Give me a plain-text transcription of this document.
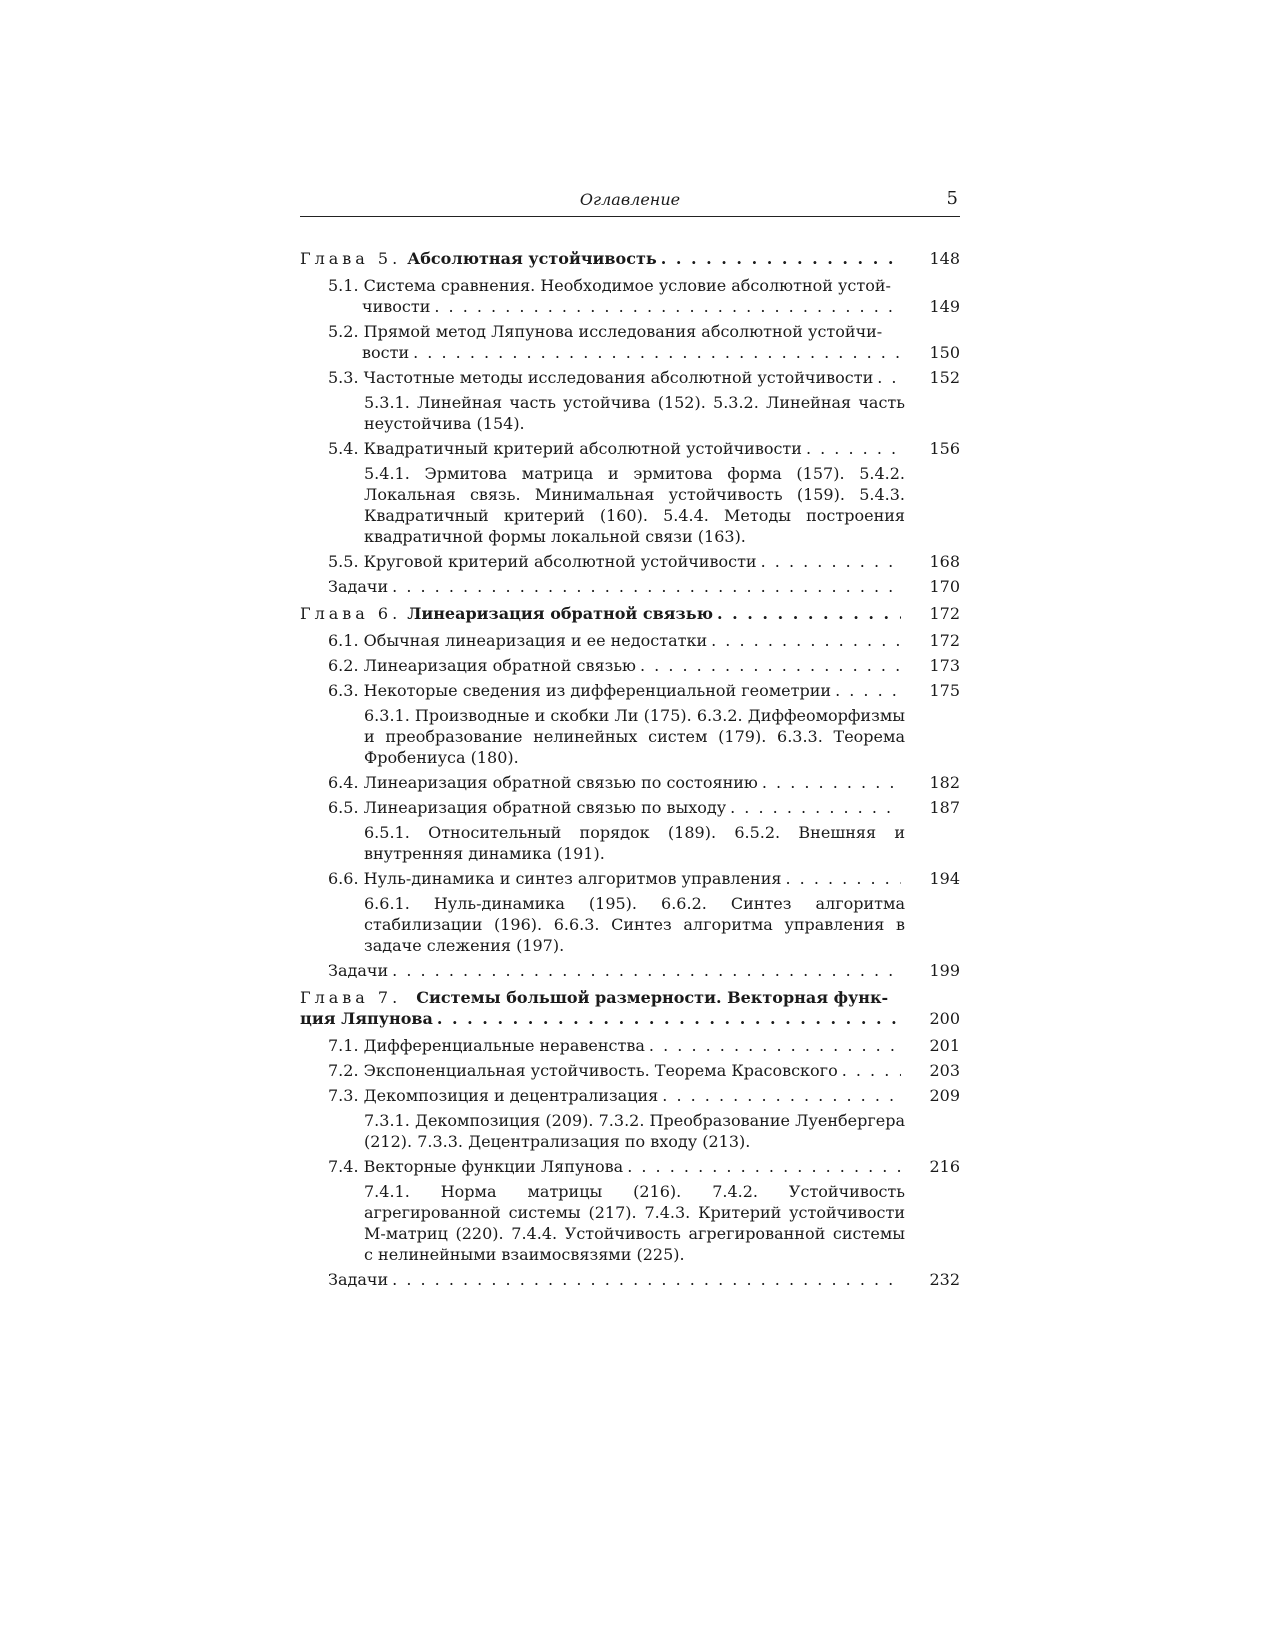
Оглавление	5
Глава 5. Абсолютная устойчивость . . .	148
5.1. Система сравнения. Необходимое условие абсолютной устой-
чивости . . .	149
5.2. Прямой метод Ляпунова исследования абсолютной устойчи-
вости . . .	150
5.3. Частотные методы исследования абсолютной устойчивости . . .	152
5.3.1. Линейная часть устойчива (152). 5.3.2. Линейная часть неустойчива (154).
5.4. Квадратичный критерий абсолютной устойчивости . . .	156
5.4.1. Эрмитова матрица и эрмитова форма (157). 5.4.2. Локальная связь. Минимальная устойчивость (159). 5.4.3. Квадратичный критерий (160). 5.4.4. Методы построения квадратичной формы локальной связи (163).
5.5. Круговой критерий абсолютной устойчивости . . .	168
Задачи . . .	170
Глава 6. Линеаризация обратной связью . . .	172
6.1. Обычная линеаризация и ее недостатки . . .	172
6.2. Линеаризация обратной связью . . .	173
6.3. Некоторые сведения из дифференциальной геометрии . . .	175
6.3.1. Производные и скобки Ли (175). 6.3.2. Диффеоморфизмы и преобразование нелинейных систем (179). 6.3.3. Теорема Фробениуса (180).
6.4. Линеаризация обратной связью по состоянию . . .	182
6.5. Линеаризация обратной связью по выходу . . .	187
6.5.1. Относительный порядок (189). 6.5.2. Внешняя и внутренняя динамика (191).
6.6. Нуль-динамика и синтез алгоритмов управления . . .	194
6.6.1. Нуль-динамика (195). 6.6.2. Синтез алгоритма стабилизации (196). 6.6.3. Синтез алгоритма управления в задаче слежения (197).
Задачи . . .	199
Глава 7. Системы большой размерности. Векторная функ-
ция Ляпунова . . .	200
7.1. Дифференциальные неравенства . . .	201
7.2. Экспоненциальная устойчивость. Теорема Красовского . . .	203
7.3. Декомпозиция и децентрализация . . .	209
7.3.1. Декомпозиция (209). 7.3.2. Преобразование Луенбергера (212). 7.3.3. Децентрализация по входу (213).
7.4. Векторные функции Ляпунова . . .	216
7.4.1. Норма матрицы (216). 7.4.2. Устойчивость агрегированной системы (217). 7.4.3. Критерий устойчивости M-матриц (220). 7.4.4. Устойчивость агрегированной системы с нелинейными взаимосвязями (225).
Задачи . . .	232
